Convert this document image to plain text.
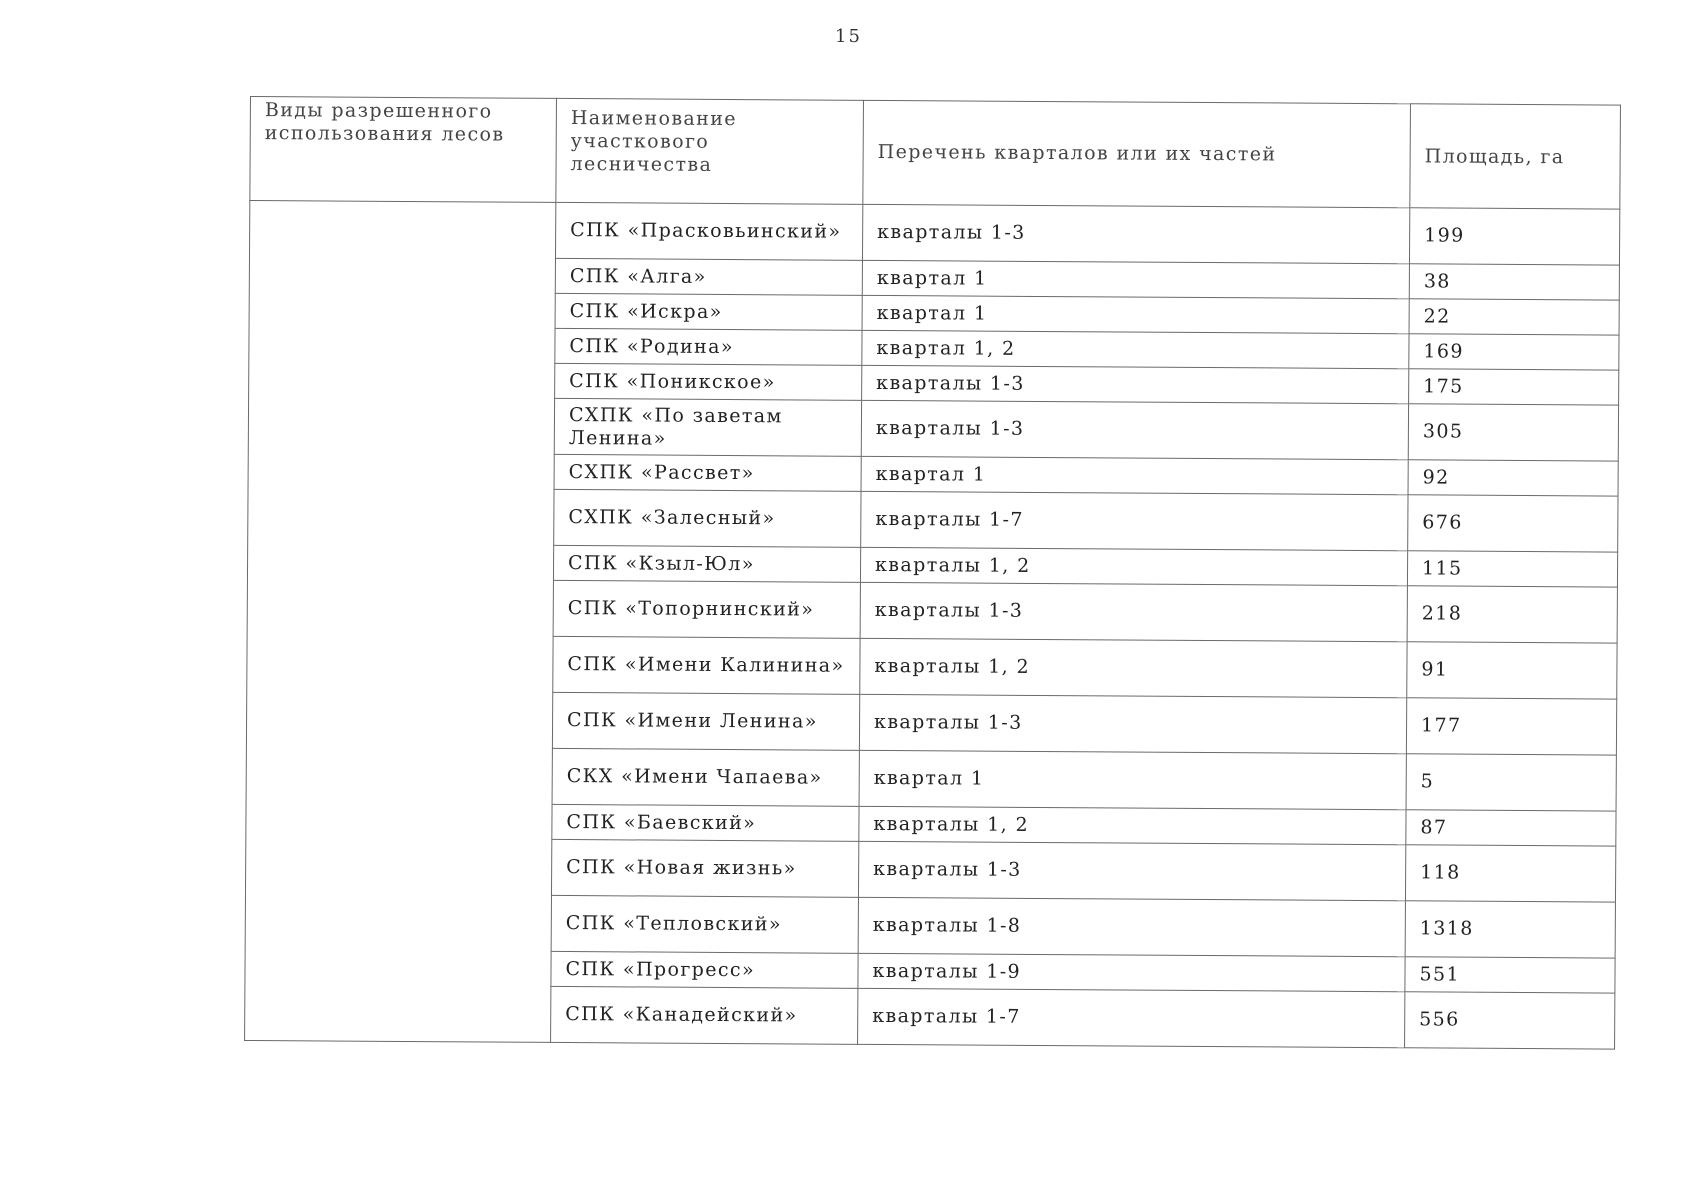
15
Виды разрешенного использования лесов	Наименование участкового лесничества	Перечень кварталов или их частей	Площадь, га
	СПК «Прасковьинский»	кварталы 1-3	199
	СПК «Алга»	квартал 1	38
	СПК «Искра»	квартал 1	22
	СПК «Родина»	квартал 1, 2	169
	СПК «Поникское»	кварталы 1-3	175
	СХПК «По заветам Ленина»	кварталы 1-3	305
	СХПК «Рассвет»	квартал 1	92
	СХПК «Залесный»	кварталы 1-7	676
	СПК «Кзыл-Юл»	кварталы 1, 2	115
	СПК «Топорнинский»	кварталы 1-3	218
	СПК «Имени Калинина»	кварталы 1, 2	91
	СПК «Имени Ленина»	кварталы 1-3	177
	СКХ «Имени Чапаева»	квартал 1	5
	СПК «Баевский»	кварталы 1, 2	87
	СПК «Новая жизнь»	кварталы 1-3	118
	СПК «Тепловский»	кварталы 1-8	1318
	СПК «Прогресс»	кварталы 1-9	551
	СПК «Канадейский»	кварталы 1-7	556
